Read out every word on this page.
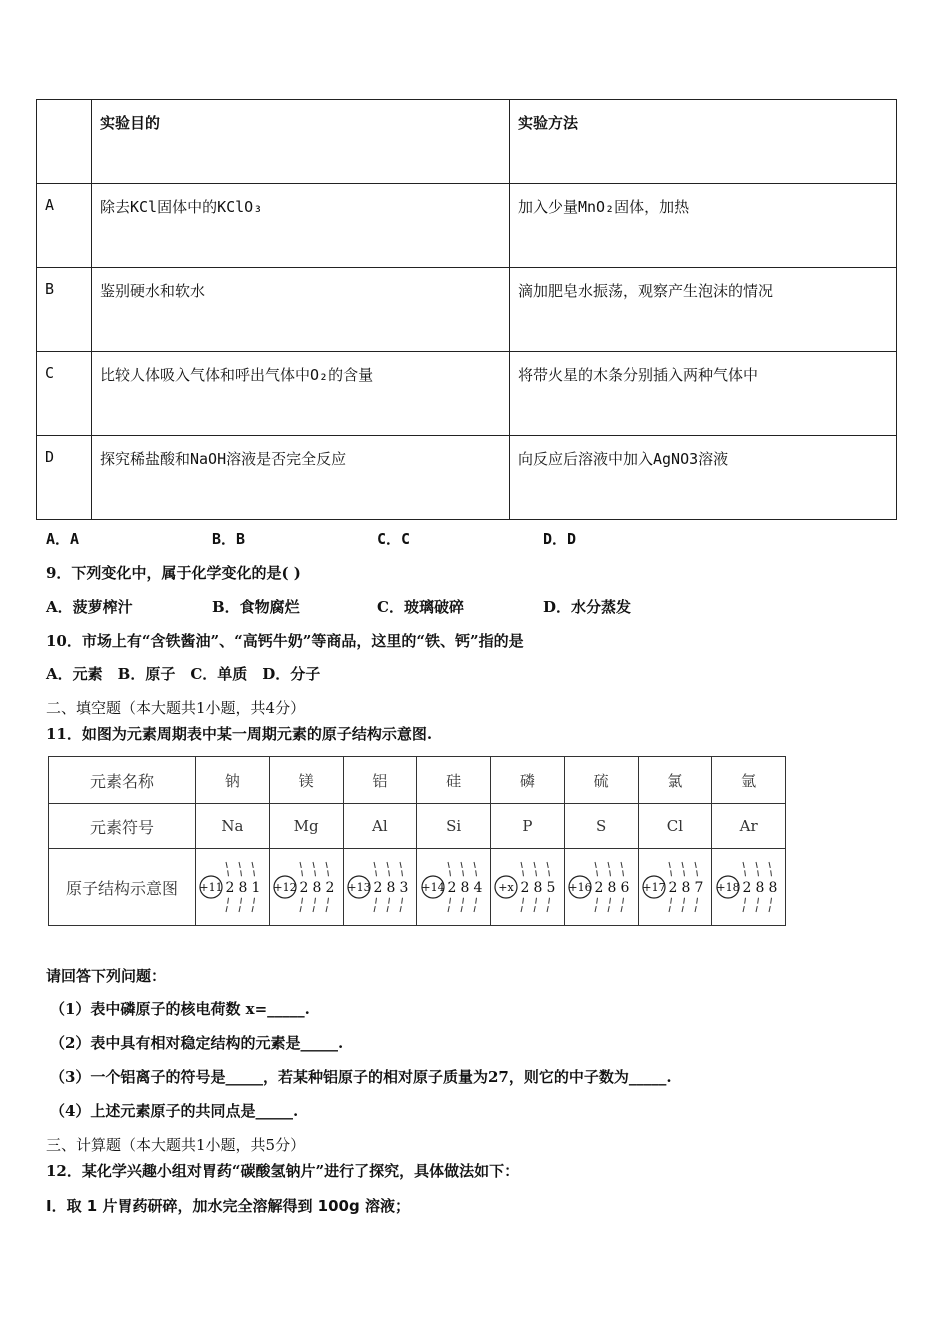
	实验目的	实验方法
A	除去KCl固体中的KClO₃	加入少量MnO₂固体，加热
B	鉴别硬水和软水	滴加肥皂水振荡，观察产生泡沫的情况
C	比较人体吸入气体和呼出气体中O₂的含量	将带火星的木条分别插入两种气体中
D	探究稀盐酸和NaOH溶液是否完全反应	向反应后溶液中加入AgNO3溶液
A．A	B．B	C．C	D．D
9．下列变化中，属于化学变化的是( )
A．菠萝榨汁	B．食物腐烂	C．玻璃破碎	D．水分蒸发
10．市场上有“含铁酱油”、“高钙牛奶”等商品，这里的“铁、钙”指的是
A．元素　B．原子　C．单质　D．分子
二、填空题（本大题共1小题，共4分）
11．如图为元素周期表中某一周期元素的原子结构示意图.
元素名称	钠	镁	铝	硅	磷	硫	氯	氩
元素符号	Na	Mg	Al	Si	P	S	Cl	Ar
原子结构示意图	+11 2 8 1	+12 2 8 2	+13 2 8 3	+14 2 8 4	+x 2 8 5	+16 2 8 6	+17 2 8 7	+18 2 8 8
请回答下列问题：
（1）表中磷原子的核电荷数 x=_____.
（2）表中具有相对稳定结构的元素是_____.
（3）一个铝离子的符号是_____，若某种铝原子的相对原子质量为27，则它的中子数为_____.
（4）上述元素原子的共同点是_____.
三、计算题（本大题共1小题，共5分）
12．某化学兴趣小组对胃药“碳酸氢钠片”进行了探究，具体做法如下：
Ⅰ．取 1 片胃药研碎，加水完全溶解得到 100g 溶液；
